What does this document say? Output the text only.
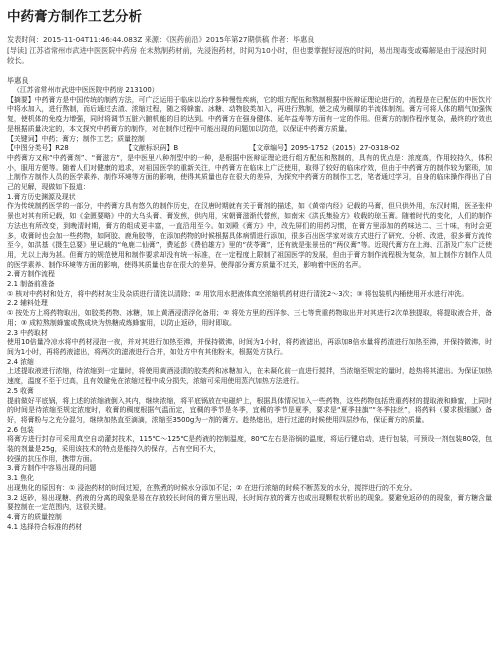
中药膏方制作工艺分析
发表时间：2015-11-04T11:46:44.083Z 来源：《医药前沿》2015年第27期供稿 作者：毕惠良
[导读] 江苏省常州市武进中医医院中药房 在未熬制药材前，先浸泡药材，时间为10小时，但也要掌握好浸泡的时间，易出现毒变或霉解是由于浸泡时间较长。
毕惠良

（江苏省常州市武进中医医院中药房 213100）

【摘要】中药膏方是中国传统的制药方法，可广泛运用于临床以治疗多种慢性疾病，它的组方配伍和熬制根据中医辩证理论进行的，流程是在已配伍的中医饮片中将水加入，进行熬制，而后通过去渣、浓缩过程，随之将蜂蜜、冰糖、动物胶类加入，再进行熬制，使之成为稠厚的半流体制剂。膏方可将人体的精气加强恢复，使机体的免疫力增强，同时将调节五脏六腑机能的目的达到。中药膏方在强身健体、延年益寿等方面有一定的作用。但膏方的制作程序复杂，最终的疗效也是根据质量决定的，本文探究中药膏方的制作，对在制作过程中可能出现的问题加以防范，以保证中药膏方质量。

【关键词】中药；膏方；制作工艺；质量控制

【中图分类号】R28	【文献标识码】B	【文章编号】2095-1752（2015）27-0318-02

中药膏方又称“中药膏剂”、“膏滋方”，是中医里八种剂型中的一种，是根据中医辩证理论进行组方配伍和熬制的，具有的优点是：浓度高，作用较持久，体积小，服用方便等。随着人们对健康的追求，对祖国医学的重新关注，中药膏方在临床上广泛使用，取得了较好的临床疗效，但由于中药膏方的制作较为繁琐，加上制作方制作人员的医学素养、制作环境等方面的影响，使得其质量也存在很大的差异，为探究中药膏方的制作工艺，笔者通过学习，自身的临床操作得出了自己的见解，现做如下报道：

1.膏方历史渊源及现状

作为传统制药医学的一部分，中药膏方具有悠久的制作历史，在汉唐时期就有关于膏剂的描述，如《黄帝内经》记载的马膏，但只供外用，东汉时期，医圣张仲景也对其有所记载，如《金匮要略》中的大乌头膏、膏发煎，供内用，宋朝膏滋渐代替煎，如南宋《洪氏集验方》收载的琼玉膏。随着时代的变化，人们的制作方法也有所改变，到晚清时期，膏方的组成更丰富，一直沿用至今。如刘殿《膏方》中，改先屏们的用药习惯，在膏方里添加的药味达二、三十味，有时会更多，收膏时也会加一些药物，如阿胶、鹿角胶等，在添加药物的时候根据具体病情进行添加，很多百出医学家对该方式进行了研究、分析、改进，很多膏方流传至今，如洪基《摄生总要》里记载的“龟鹿二仙膏”，费延彭《费伯雄方》里的“茯苓膏”，还有就是张景岳的“两仪膏”等。近现代膏方在上海、江浙及广东广泛使用，尤以上海为甚。但膏方的规范使用和制作要求却没有统一标准，在一定程度上限制了祖国医学的发展，但由于膏方制作流程极为复杂，加上制作方制作人员的医学素养、制作环境等方面的影响，使得其质量也存在很大的差异，使得部分膏方质量不过关，影响着中医的名声。

2.膏方制作流程

2.1 制备前准备

① 核对中药材和处方，将中药材灰尘及杂质进行清洗以清除；② 用饮用水把液体真空浓缩机药材进行清洗2～3次；③ 将包装机内桶使用开水进行冲洗。

2.2 辅料处理

① 按处方上将药物取出，如胶类药物、冰糖，加上黄酒浸渍浮化备用；② 将处方里的西洋参、三七等贵重药物取出并对其进行2次单独提取，将提取液合并，备用；③ 成粒熬制蜂蜜或熬成块为热糖成炼蜂蜜用，以防止返砂，用时即取。

2.3 中药取材

使用10倍量冷凉水将中药材浸泡一夜，并对其进行加热至沸，并保持微沸，时间为1小时，将药液滤出，再添加8倍水量将药渣进行加热至沸，并保持微沸，时间为1小时，再将药液滤出，将两次的滤液进行合并，如处方中有其他粉末，根据处方执行。

2.4 浓缩

上述提取液进行浓缩，待浓缩到一定量时，将使用黄酒浸渍的胶类药和冰糖加入，在未凝化前一直进行搅拌，当浓缩至规定的量时，趁热将其滤出。为保证加热速度，温度不至于过高，且有效避免在浓缩过程中成分损失，浓缩可采用使用蒸汽加热方法进行。

2.5 收膏

提前做好平底锅，将上述的浓缩液倒入其内，继续浓缩，将平底锅放在电磁炉上，根据具体情况加入一些药物，这些药物包括贵重药材的提取液和蜂蜜，上同时的时间是待浓缩至规定浓度时，收膏的稠度根据气温而定，宜稠的季节是冬季，宜稀的季节是夏季，要求是“夏季挂旗”“冬季挂丝”，将药料（要求极细腻）备好，将膏粉与之充分混匀，继续加热直至滴滴，浓缩至3500g为一剂的膏方。趁热熄出，进行过滤的时候使用四层纱布，保证膏方的质量。

2.6 包装

将膏方进行封存可采用真空自动灌封技术，115℃～125℃是药液的控制温度，80℃左右是浴锅的温度，将运行键启动，进行包装，可预设一剂包装80袋，包装的剂量是25g，采用该技术的特点是能持久的保存，占有空间不大，

较强的抗压作用，携带方面。

3.膏方制作中容易出现的问题

3.1 焦化

出现焦化的原因有：① 浸泡药材的时间过短，在熬煮的时候水分添加不足；② 在进行浓缩的时候不断蒸发的水分，搅拌进行的不充分。

3.2 返砂，易出现糖、药液的分离的现象是易在存放较长时间的膏方里出现，长时间存放的膏方也或出现颗粒状析出的现象。要避免返砂的的现象，膏方糖含量要控制在一定范围内，这很关键。

4.膏方的质量控制

4.1 选择符合标准的药材
